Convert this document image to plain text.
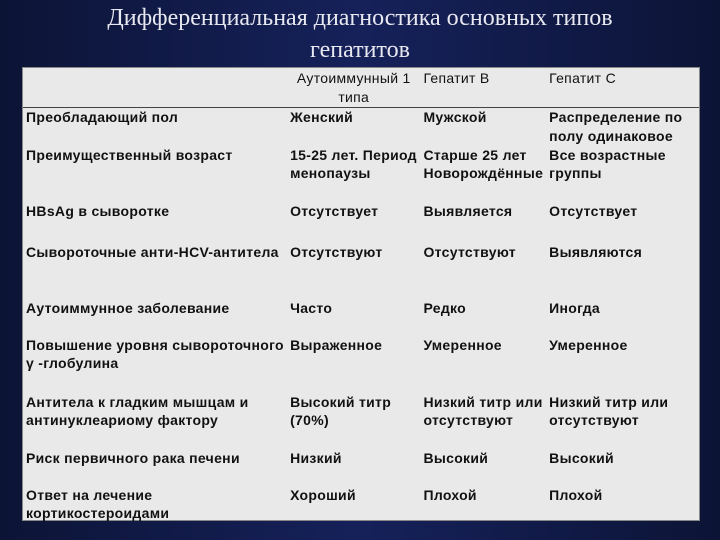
Дифференциальная диагностика основных типов
гепатитов
	Аутоиммунный 1 типа	Гепатит B	Гепатит C
Преобладающий пол	Женский	Мужской	Распределение по полу одинаковое
Преимущественный возраст	15-25 лет. Период менопаузы	Старше 25 лет Новорождённые	Все возрастные группы
HBsAg в сыворотке	Отсутствует	Выявляется	Отсутствует
Сывороточные анти-HCV-антитела	Отсутствуют	Отсутствуют	Выявляются
Аутоиммунное заболевание	Часто	Редко	Иногда
Повышение уровня сывороточного γ -глобулина	Выраженное	Умеренное	Умеренное
Антитела к гладким мышцам и антинуклеариому фактору	Высокий титр (70%)	Низкий титр или отсутствуют	Низкий титр или отсутствуют
Риск первичного рака печени	Низкий	Высокий	Высокий
Ответ на лечение кортикостероидами	Хороший	Плохой	Плохой
